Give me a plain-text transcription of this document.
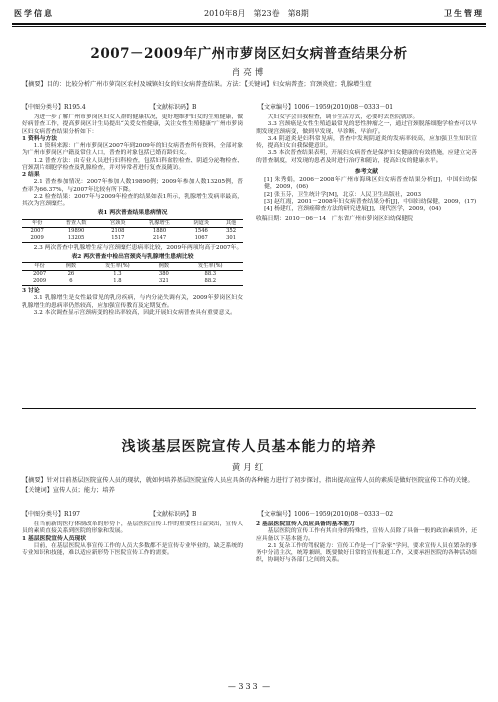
医学信息	2010年8月　第23卷　第8期	卫生管理
2007－2009年广州市萝岗区妇女病普查结果分析
肖亮博
【摘要】目的：比较分析广州市萝岗区农村及城镇妇女的妇女病普查结果。方法：【关键词】妇女病普查；宫颈炎症；乳腺增生症
【中图分类号】R195.4	【文献标识码】B	【文章编号】1006－1959(2010)08－0333－01

为进一步了解广州市萝岗区妇女人群的健康状况，更好地维护妇女的生殖健康，做好病普查工作，提高萝岗区计生局提出“关爱女性健康，关注女性生殖健康”广州市萝岗区妇女病普查结果分析如下：

1 资料与方法

1.1 资料来源：广州市萝岗区2007年到2009年的妇女病普查所有资料，全部对象为广州市萝岗区户籍及常住人口，普查的对象包括已婚育龄妇女。

1.2 普查方法：由专业人员进行妇科检查，包括妇科盆腔检查、阴道分泌物检查、宫颈刮片细胞学检查及乳腺检查，并对异常者进行复查及随访。

2 结果

2.1 普查参加情况：2007年参加人数19890例；2009年参加人数13205例，普查率为66.37%，与2007年比较有所下降。

2.2 检查结果：2007年与2009年检查的结果如表1所示，乳腺增生发病率最高，其次为宫颈糜烂。

表1 两次普查结果患病情况
年份	普查人数	宫颈炎	乳腺增生	阴道炎	其他
2007	19890	2108	1880	1546	352
2009	13205	1517	2147	1067	301

2.3 两次普查中乳腺增生症与宫颈糜烂患病率比较，2009年两项均高于2007年。

表2 两次普查中检出宫颈炎与乳腺增生患病比较
年份	例数	发生率(%)	例数	发生率(%)
2007	26	1.3	380	88.3
2009	6	1.8	321	88.2

3 讨论

3.1 乳腺增生是女性最常见的乳房疾病，与内分泌失调有关，2009年萝岗区妇女乳腺增生的患病率仍然较高，应加强宣传教育及定期复查。

3.2 本次调查显示宫颈病变的检出率较高，因此开展妇女病普查具有重要意义。

大妇女学会自我检查，调节生活方式，必要时去医院就诊。

3.3 宫颈癌是女性生殖道最常见的恶性肿瘤之一，通过宫颈脱落细胞学检查可以早期发现宫颈病变，做到早发现、早诊断、早治疗。

3.4 阴道炎是妇科常见病，普查中发现阴道炎的发病率较高，应加强卫生知识宣传，提高妇女自我保健意识。

3.5 本次普查结果表明，开展妇女病普查是保护妇女健康的有效措施，应建立完善的普查制度，对发现的患者及时进行治疗和随访，提高妇女的健康水平。

参考文献

[1] 朱秀娟，2006－2008年广州市海珠区妇女病普查结果分析[J]，中国妇幼保健，2009，(06)

[2] 张玉芬，卫生统计学[M]，北京：人民卫生出版社，2003

[3] 赵红霞，2001－2008年妇女病普查结果分析[J]，中国妇幼保健，2009，(17)

[4] 杨建红，宫颈癌筛查方法的研究进展[J]，现代医学，2009，(04)

收稿日期：2010－06－14　广东省广州市萝岗区妇幼保健院

浅谈基层医院宣传人员基本能力的培养
黄月红
【摘要】针对目前基层医院宣传人员的现状，就如何培养基层医院宣传人员应具备的各种能力进行了初步探讨，指出提高宣传人员的素质是做好医院宣传工作的关键。【关键词】宣传人员；能力；培养
【中图分类号】R197	【文献标识码】B	【文章编号】1006－1959(2010)08－0333－02

在当前新的医疗体制改革的形势下，基层医院宣传工作的重要性日益突出，宣传人员的素质直接关系到医院的形象和发展。

1 基层医院宣传人员现状

目前，在基层医院从事宣传工作的人员大多数都不是宣传专业毕业的，缺乏系统的专业知识和技能，难以适应新形势下医院宣传工作的需要。

2 基层医院宣传人员应具备的基本能力

基层医院的宣传工作有其自身的特殊性，宣传人员除了具备一般的政治素质外，还应具备以下基本能力。

2.1 复杂工作的驾驭能力：宣传工作是一门“杂家”学问，要求宣传人员在繁杂的事务中分清主次，统筹兼顾，既要做好日常的宣传报道工作，又要承担医院的各种活动组织，协调好与各部门之间的关系。

— 333 —
